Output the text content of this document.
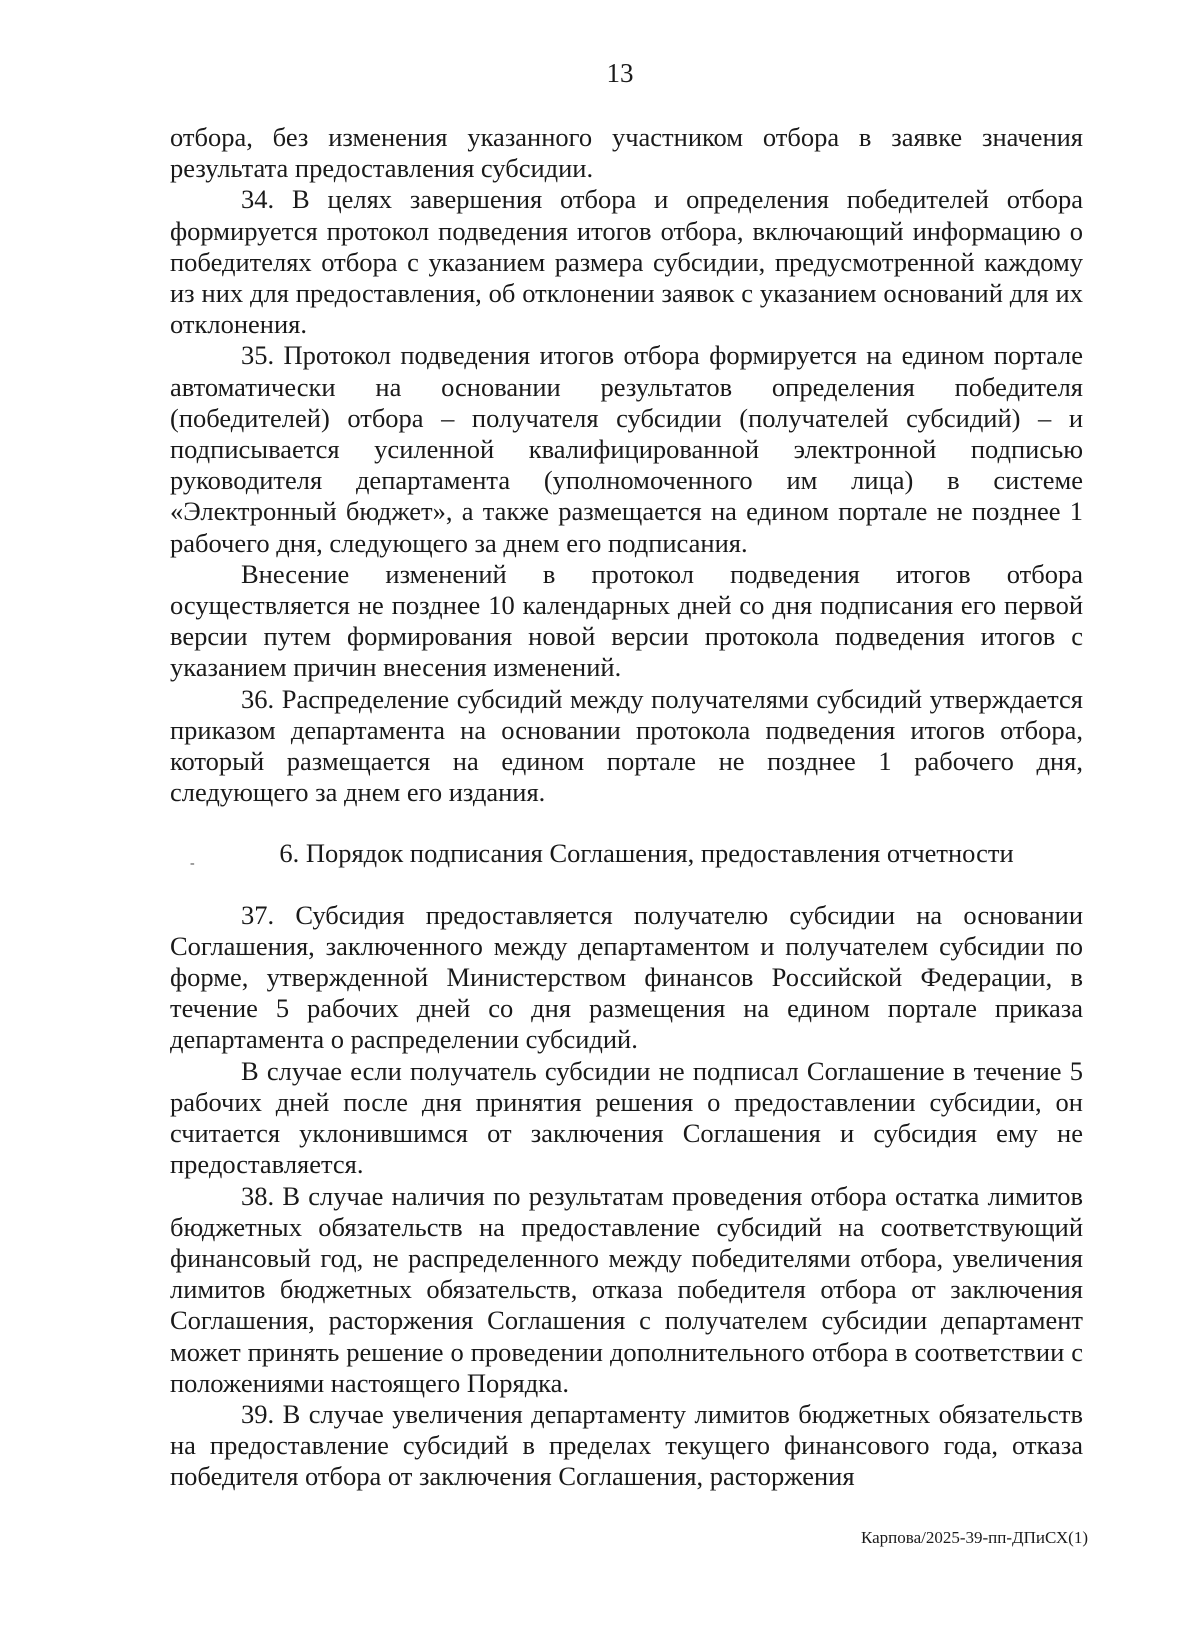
13

отбора, без изменения указанного участником отбора в заявке значения результата предоставления субсидии.

34. В целях завершения отбора и определения победителей отбора формируется протокол подведения итогов отбора, включающий информацию о победителях отбора с указанием размера субсидии, предусмотренной каждому из них для предоставления, об отклонении заявок с указанием оснований для их отклонения.

35. Протокол подведения итогов отбора формируется на едином портале автоматически на основании результатов определения победителя (победителей) отбора – получателя субсидии (получателей субсидий) – и подписывается усиленной квалифицированной электронной подписью руководителя департамента (уполномоченного им лица) в системе «Электронный бюджет», а также размещается на едином портале не позднее 1 рабочего дня, следующего за днем его подписания.

Внесение изменений в протокол подведения итогов отбора осуществляется не позднее 10 календарных дней со дня подписания его первой версии путем формирования новой версии протокола подведения итогов с указанием причин внесения изменений.

36. Распределение субсидий между получателями субсидий утверждается приказом департамента на основании протокола подведения итогов отбора, который размещается на едином портале не позднее 1 рабочего дня, следующего за днем его издания.

-	6. Порядок подписания Соглашения, предоставления отчетности

37. Субсидия предоставляется получателю субсидии на основании Соглашения, заключенного между департаментом и получателем субсидии по форме, утвержденной Министерством финансов Российской Федерации, в течение 5 рабочих дней со дня размещения на едином портале приказа департамента о распределении субсидий.

В случае если получатель субсидии не подписал Соглашение в течение 5 рабочих дней после дня принятия решения о предоставлении субсидии, он считается уклонившимся от заключения Соглашения и субсидия ему не предоставляется.

38. В случае наличия по результатам проведения отбора остатка лимитов бюджетных обязательств на предоставление субсидий на соответствующий финансовый год, не распределенного между победителями отбора, увеличения лимитов бюджетных обязательств, отказа победителя отбора от заключения Соглашения, расторжения Соглашения с получателем субсидии департамент может принять решение о проведении дополнительного отбора в соответствии с положениями настоящего Порядка.

39. В случае увеличения департаменту лимитов бюджетных обязательств на предоставление субсидий в пределах текущего финансового года, отказа победителя отбора от заключения Соглашения, расторжения

Карпова/2025-39-пп-ДПиСХ(1)
